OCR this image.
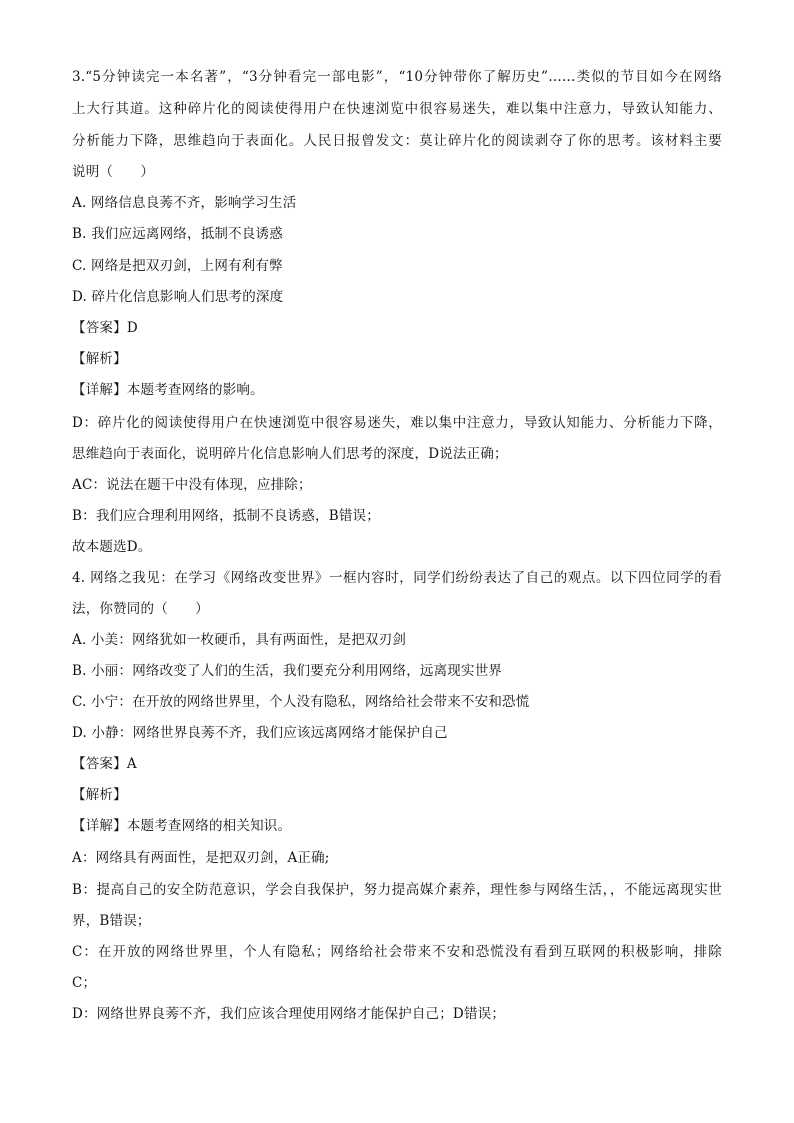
3.“5分钟读完一本名著”，“3分钟看完一部电影”，“10分钟带你了解历史”……类似的节目如今在网络
上大行其道。这种碎片化的阅读使得用户在快速浏览中很容易迷失，难以集中注意力，导致认知能力、
分析能力下降，思维趋向于表面化。人民日报曾发文：莫让碎片化的阅读剥夺了你的思考。该材料主要
说明（　　）
A. 网络信息良莠不齐，影响学习生活
B. 我们应远离网络，抵制不良诱惑
C. 网络是把双刃剑，上网有利有弊
D. 碎片化信息影响人们思考的深度
【答案】D
【解析】
【详解】本题考查网络的影响。
D：碎片化的阅读使得用户在快速浏览中很容易迷失，难以集中注意力，导致认知能力、分析能力下降，
思维趋向于表面化，说明碎片化信息影响人们思考的深度，D说法正确；
AC：说法在题干中没有体现，应排除；
B：我们应合理利用网络，抵制不良诱惑，B错误；
故本题选D。
4. 网络之我见：在学习《网络改变世界》一框内容时，同学们纷纷表达了自己的观点。以下四位同学的看
法，你赞同的（　　）
A. 小美：网络犹如一枚硬币，具有两面性，是把双刃剑
B. 小丽：网络改变了人们的生活，我们要充分利用网络，远离现实世界
C. 小宁：在开放的网络世界里，个人没有隐私，网络给社会带来不安和恐慌
D. 小静：网络世界良莠不齐，我们应该远离网络才能保护自己
【答案】A
【解析】
【详解】本题考查网络的相关知识。
A：网络具有两面性，是把双刃剑，A正确;
B：提高自己的安全防范意识，学会自我保护，努力提高媒介素养，理性参与网络生活，，不能远离现实世
界，B错误；
C：在开放的网络世界里，个人有隐私；网络给社会带来不安和恐慌没有看到互联网的积极影响，排除
C；
D：网络世界良莠不齐，我们应该合理使用网络才能保护自己；D错误；
